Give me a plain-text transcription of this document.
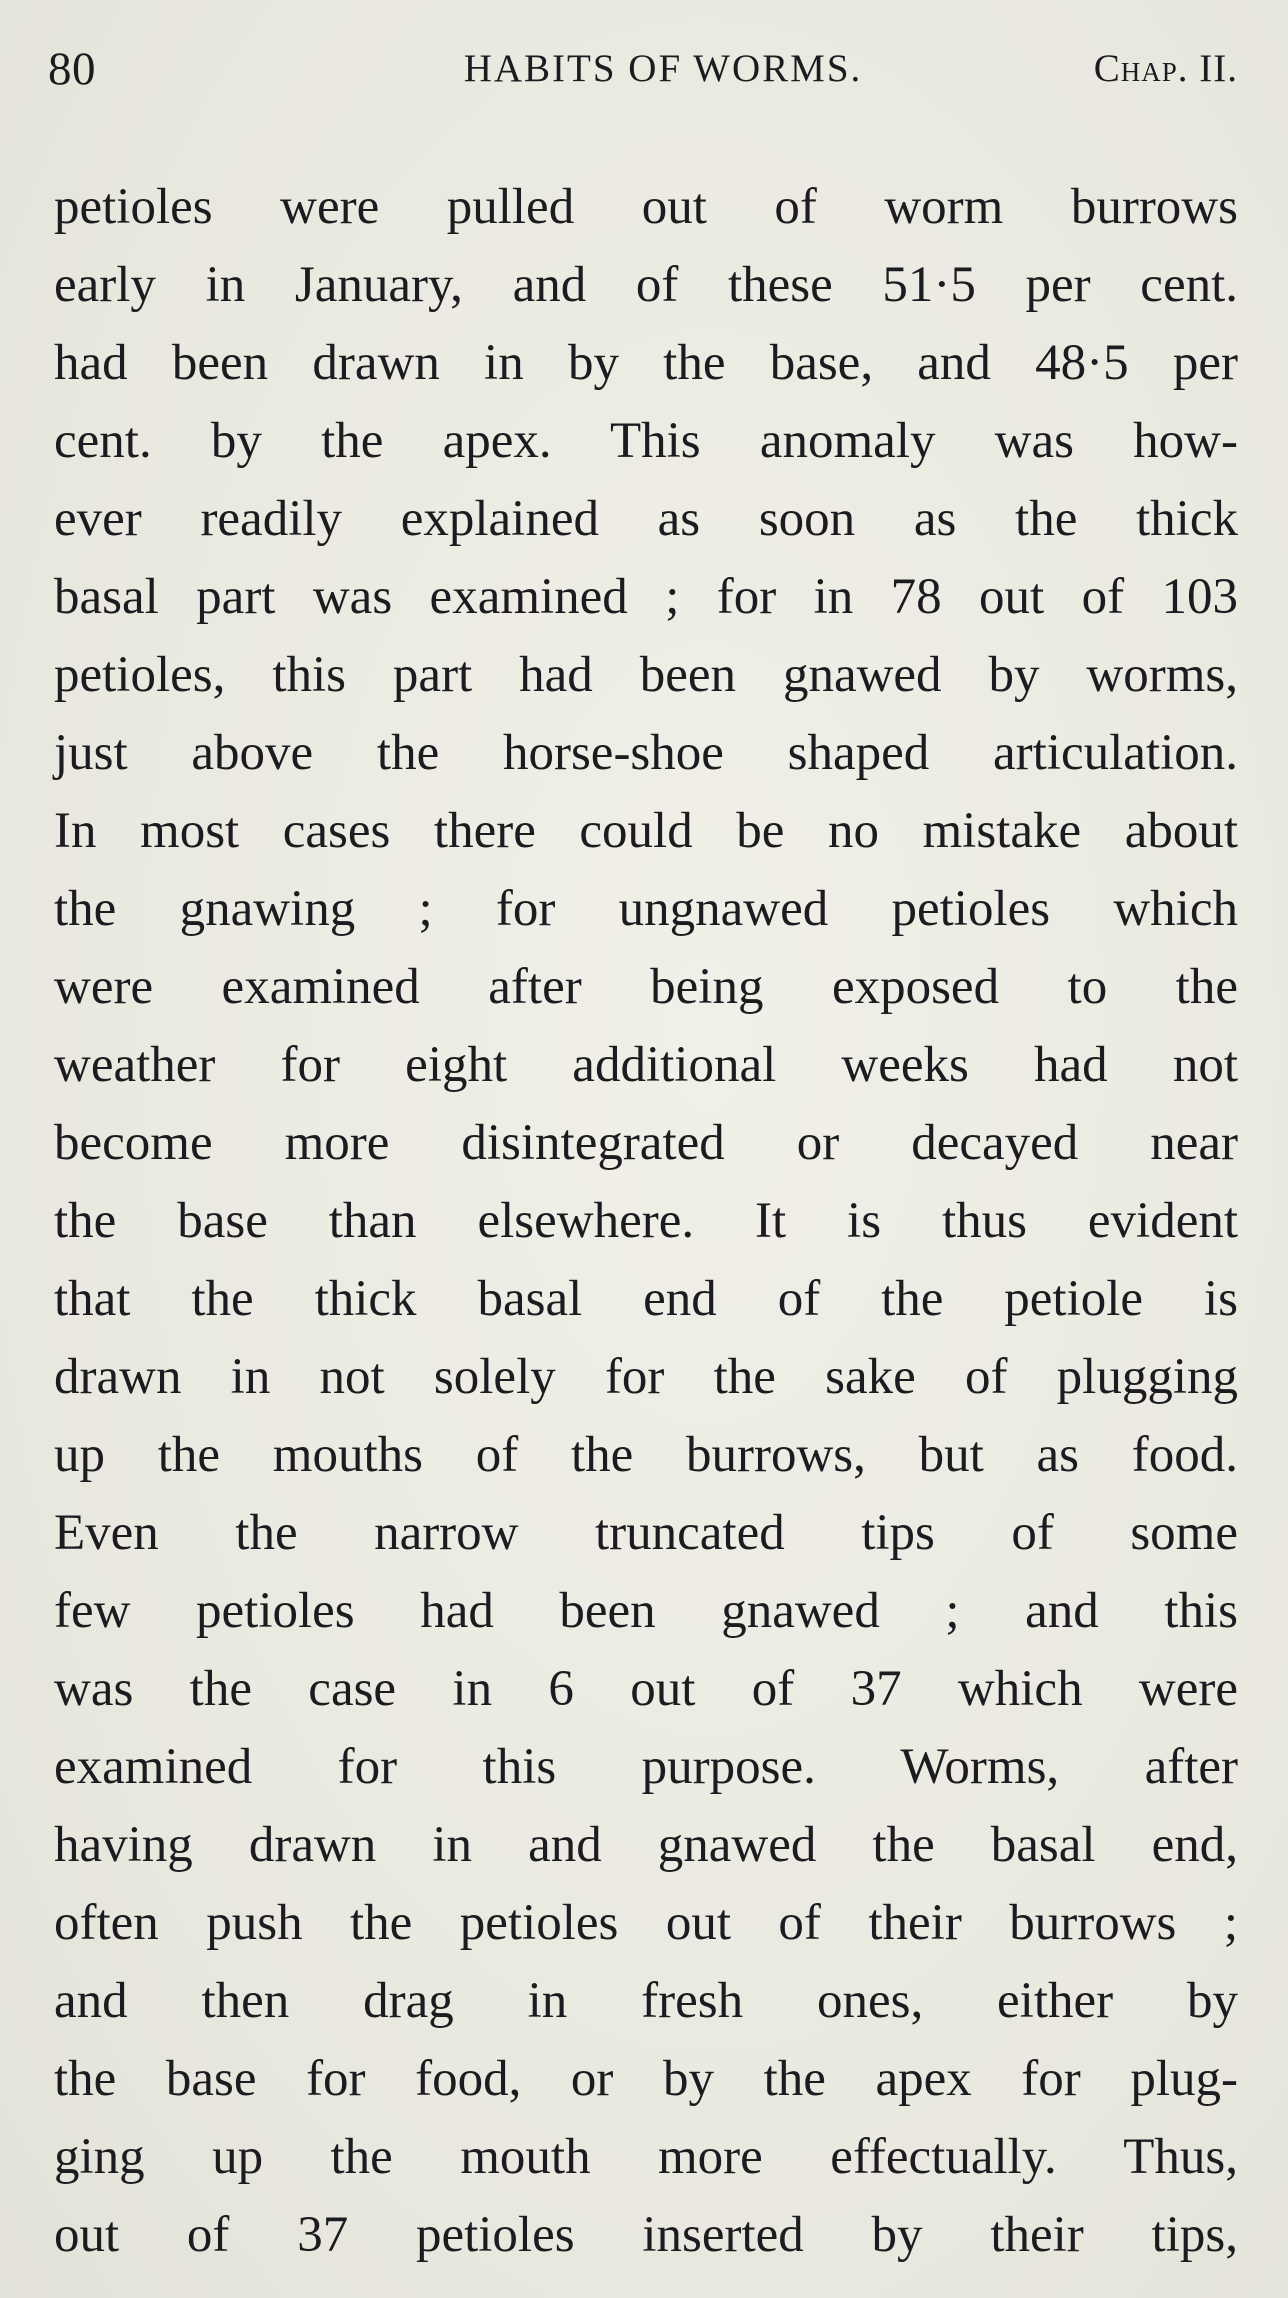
80	HABITS OF WORMS.	Chap. II.
petioles were pulled out of worm burrows
early in January, and of these 51·5 per cent.
had been drawn in by the base, and 48·5 per
cent. by the apex. This anomaly was how-
ever readily explained as soon as the thick
basal part was examined ; for in 78 out of 103
petioles, this part had been gnawed by worms,
just above the horse-shoe shaped articulation.
In most cases there could be no mistake about
the gnawing ; for ungnawed petioles which
were examined after being exposed to the
weather for eight additional weeks had not
become more disintegrated or decayed near
the base than elsewhere. It is thus evident
that the thick basal end of the petiole is
drawn in not solely for the sake of plugging
up the mouths of the burrows, but as food.
Even the narrow truncated tips of some
few petioles had been gnawed ; and this
was the case in 6 out of 37 which were
examined for this purpose. Worms, after
having drawn in and gnawed the basal end,
often push the petioles out of their burrows ;
and then drag in fresh ones, either by
the base for food, or by the apex for plug-
ging up the mouth more effectually. Thus,
out of 37 petioles inserted by their tips,
